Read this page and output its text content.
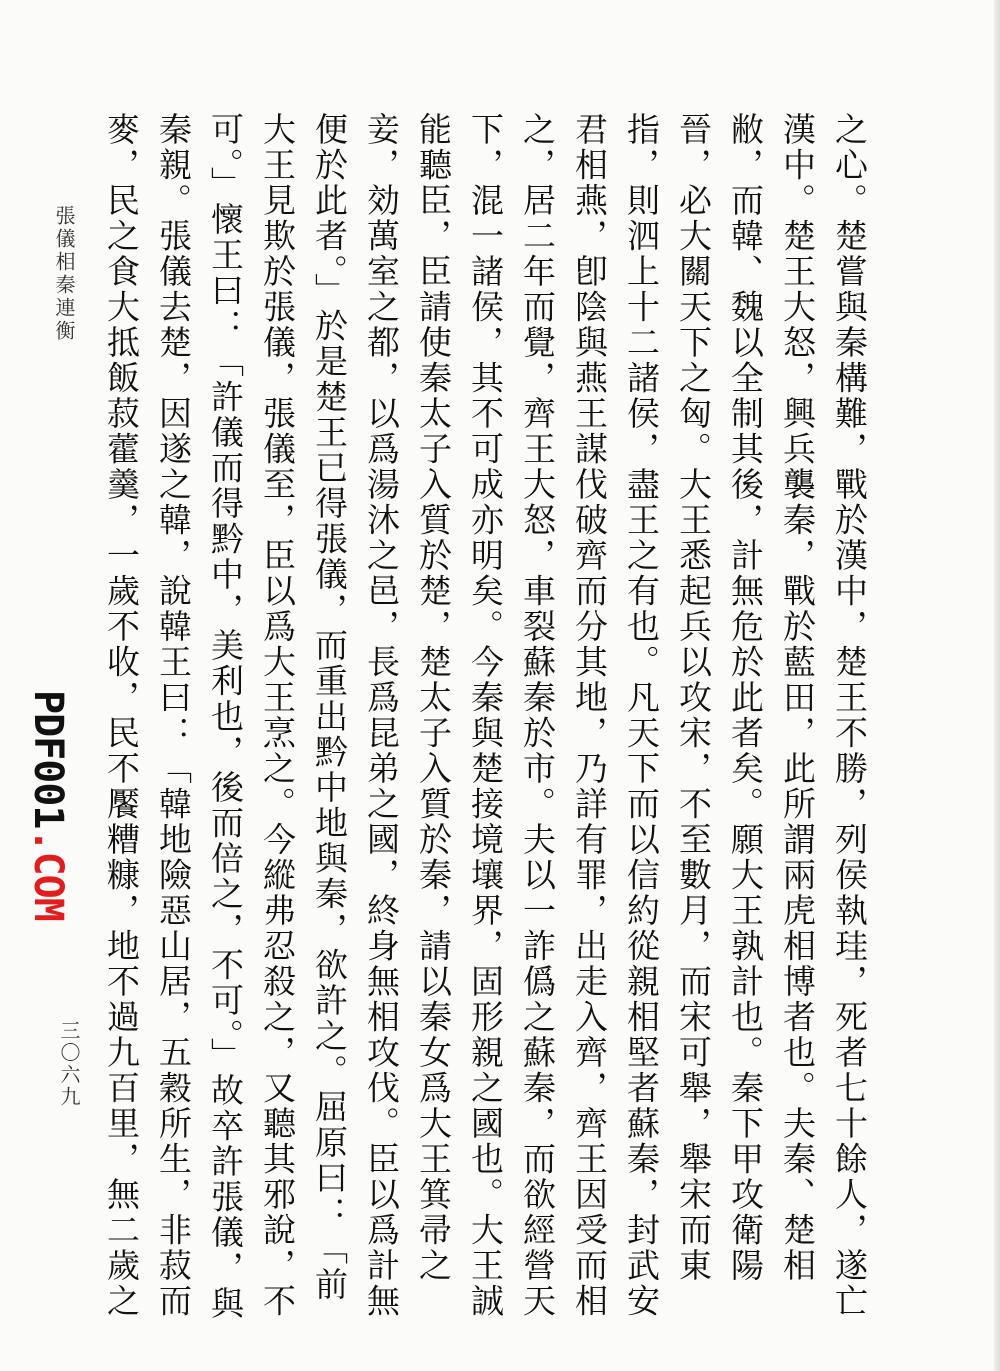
之心。楚嘗與秦構難，戰於漢中，楚王不勝，列侯執珪，死者七十餘人，遂亡漢中。楚王大怒，興兵襲秦，戰於藍田，此所謂兩虎相博者也。夫秦、楚相敝，而韓、魏以全制其後，計無危於此者矣。願大王孰計也。秦下甲攻衛陽晉，必大關天下之匈。大王悉起兵以攻宋，不至數月，而宋可舉，舉宋而東指，則泗上十二諸侯，盡王之有也。凡天下而以信約從親相堅者蘇秦，封武安君相燕，卽陰與燕王謀伐破齊而分其地，乃詳有罪，出走入齊，齊王因受而相之，居二年而覺，齊王大怒，車裂蘇秦於市。夫以一詐僞之蘇秦，而欲經營天下，混一諸侯，其不可成亦明矣。今秦與楚接境壤界，固形親之國也。大王誠能聽臣，臣請使秦太子入質於楚，楚太子入質於秦，請以秦女爲大王箕帚之妾，効萬室之都，以爲湯沐之邑，長爲昆弟之國，終身無相攻伐。臣以爲計無便於此者。」於是楚王已得張儀，而重出黔中地與秦，欲許之。屈原曰：「前大王見欺於張儀，張儀至，臣以爲大王烹之。今縱弗忍殺之，又聽其邪說，不可。」懷王曰：「許儀而得黔中，美利也，後而倍之，不可。」故卒許張儀，與秦親。張儀去楚，因遂之韓，說韓王曰：「韓地險惡山居，五穀所生，非菽而麥，民之食大抵飯菽藿羹，一歲不收，民不饜糟糠，地不過九百里，無二歲之
張儀相秦連衡
三〇六九
PDF001.COM
